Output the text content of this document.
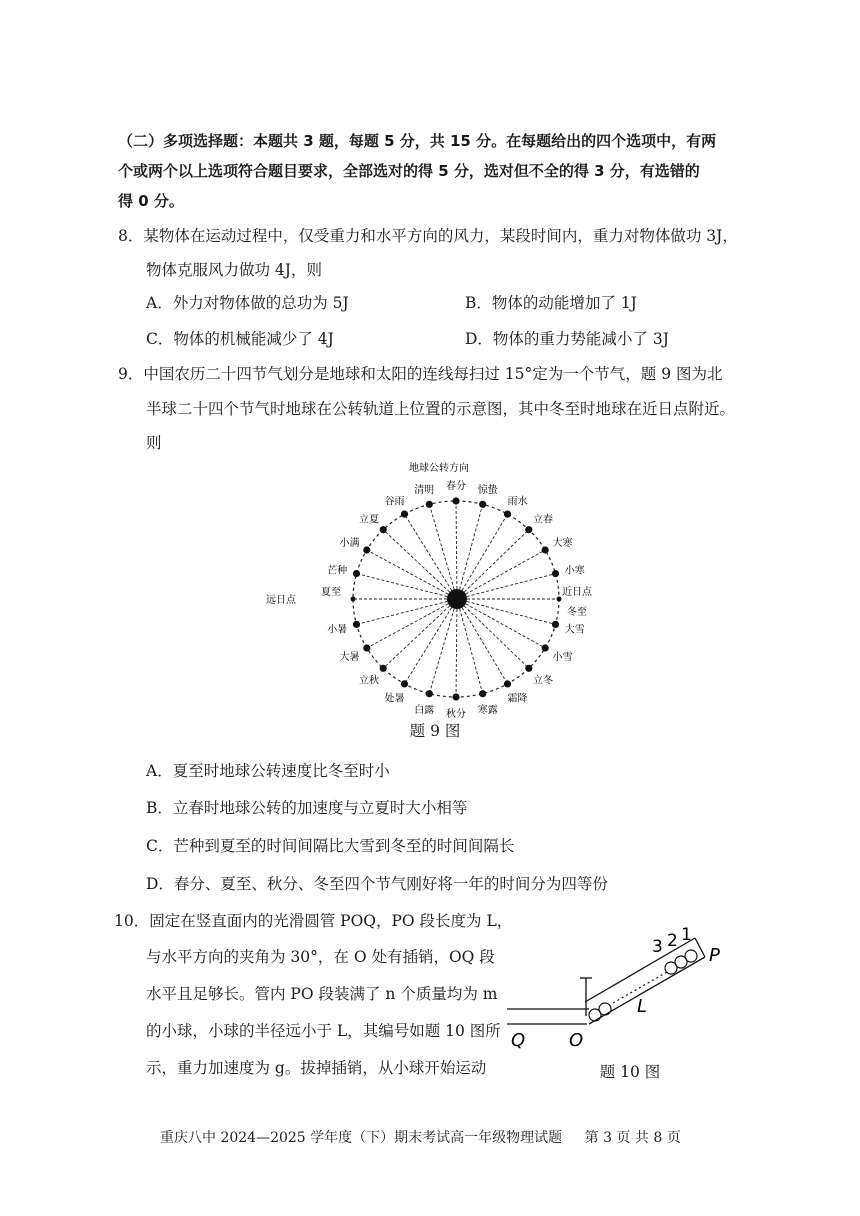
（二）多项选择题：本题共 3 题，每题 5 分，共 15 分。在每题给出的四个选项中，有两

个或两个以上选项符合题目要求，全部选对的得 5 分，选对但不全的得 3 分，有选错的

得 0 分。

8．某物体在运动过程中，仅受重力和水平方向的风力，某段时间内，重力对物体做功 3J，

物体克服风力做功 4J，则

A．外力对物体做的总功为 5J	B．物体的动能增加了 1J
C．物体的机械能减少了 4J	D．物体的重力势能减小了 3J

9．中国农历二十四节气划分是地球和太阳的连线每扫过 15°定为一个节气，题 9 图为北

半球二十四个节气时地球在公转轨道上位置的示意图，其中冬至时地球在近日点附近。

则

地球公转方向
冬至
小寒
大寒
立春
雨水
惊蛰
春分
清明
谷雨
立夏
小满
芒种
夏至
小暑
大暑
立秋
处暑
白露 秋分 寒露
霜降
立冬
小雪
大雪
近日点
远日点
题 9 图
A．夏至时地球公转速度比冬至时小
B．立春时地球公转的加速度与立夏时大小相等
C．芒种到夏至的时间间隔比大雪到冬至的时间间隔长
D．春分、夏至、秋分、冬至四个节气刚好将一年的时间分为四等份

10．固定在竖直面内的光滑圆管 POQ，PO 段长度为 L，

与水平方向的夹角为 30°，在 O 处有插销，OQ 段

水平且足够长。管内 PO 段装满了 n 个质量均为 m

的小球，小球的半径远小于 L，其编号如题 10 图所

示，重力加速度为 g。拔掉插销，从小球开始运动

3 2 1
P
L
O
Q
题 10 图
重庆八中 2024—2025 学年度（下）期末考试高一年级物理试题 第 3 页 共 8 页
